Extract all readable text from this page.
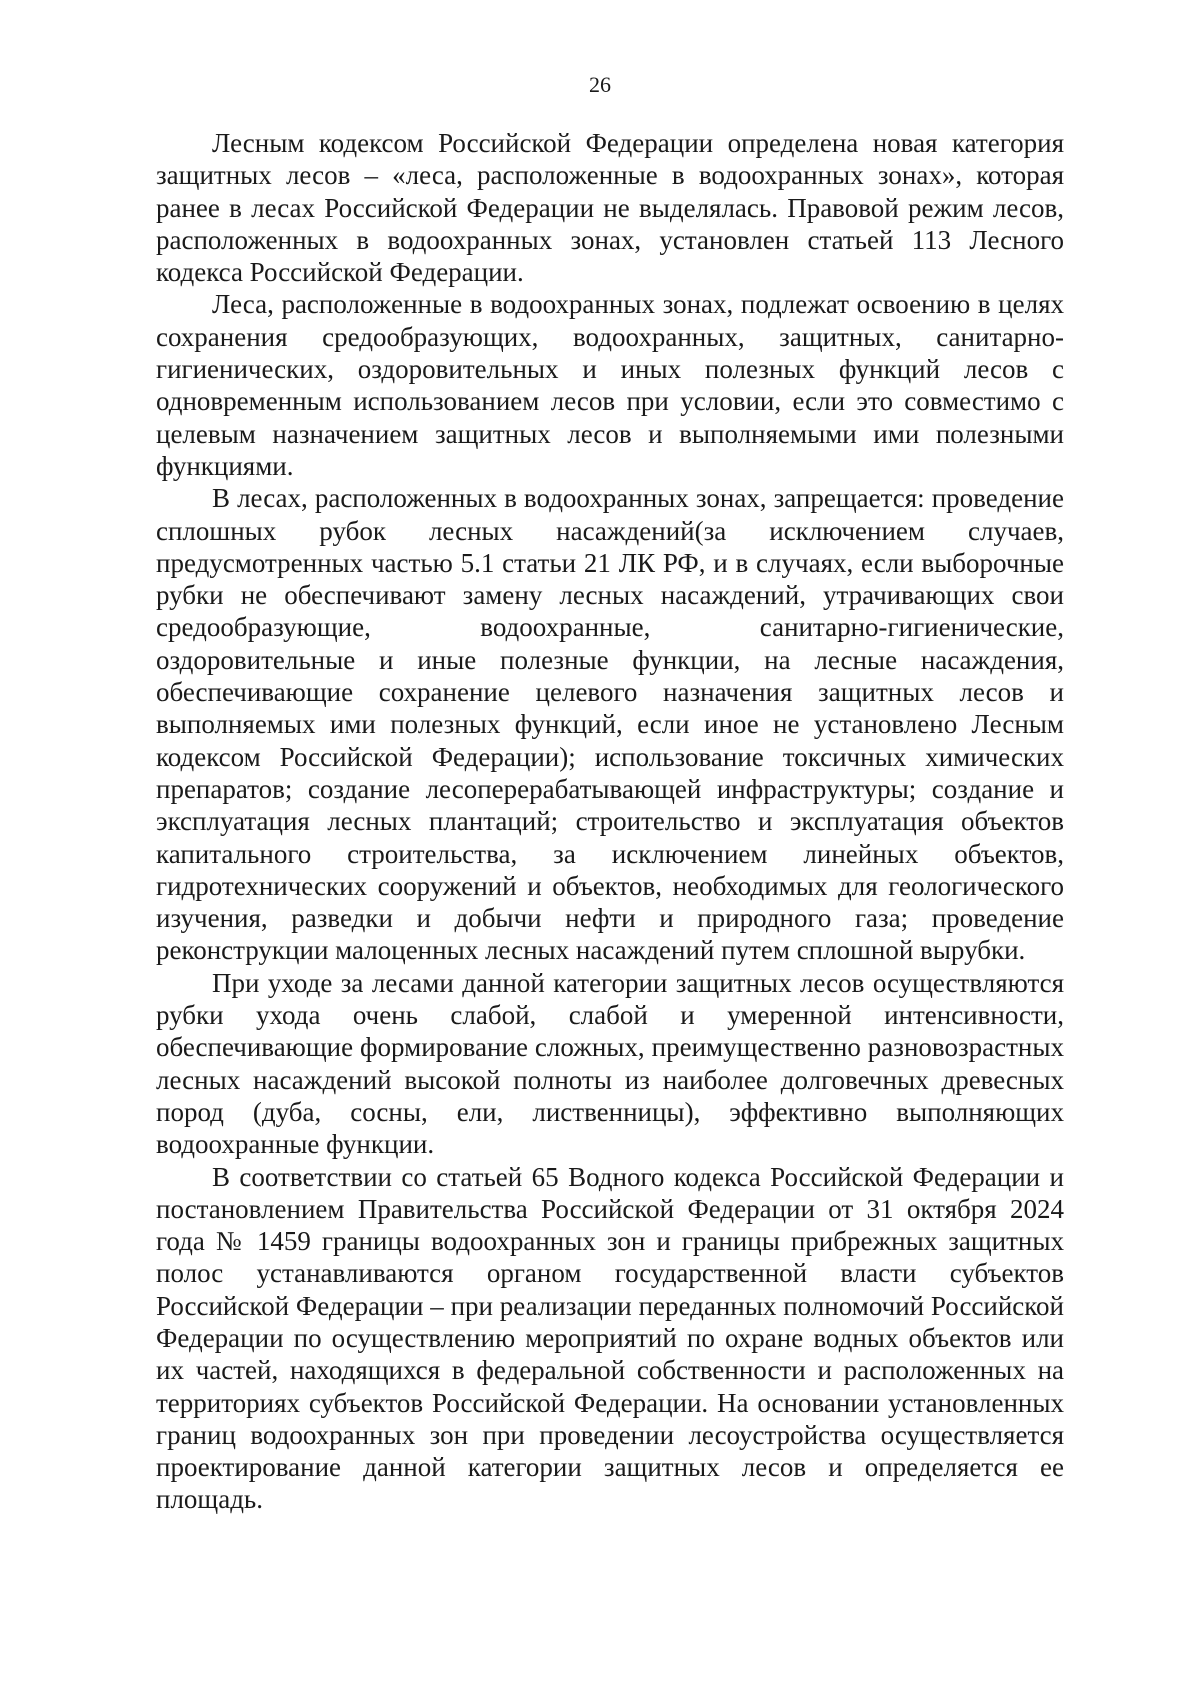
26

Лесным кодексом Российской Федерации определена новая категория защитных лесов – «леса, расположенные в водоохранных зонах», которая ранее в лесах Российской Федерации не выделялась. Правовой режим лесов, расположенных в водоохранных зонах, установлен статьей 113 Лесного кодекса Российской Федерации.

Леса, расположенные в водоохранных зонах, подлежат освоению в целях сохранения средообразующих, водоохранных, защитных, санитарно-гигиенических, оздоровительных и иных полезных функций лесов с одновременным использованием лесов при условии, если это совместимо с целевым назначением защитных лесов и выполняемыми ими полезными функциями.

В лесах, расположенных в водоохранных зонах, запрещается: проведение сплошных рубок лесных насаждений(за исключением случаев, предусмотренных частью 5.1 статьи 21 ЛК РФ, и в случаях, если выборочные рубки не обеспечивают замену лесных насаждений, утрачивающих свои средообразующие, водоохранные, санитарно-гигиенические, оздоровительные и иные полезные функции, на лесные насаждения, обеспечивающие сохранение целевого назначения защитных лесов и выполняемых ими полезных функций, если иное не установлено Лесным кодексом Российской Федерации); использование токсичных химических препаратов; создание лесоперерабатывающей инфраструктуры; создание и эксплуатация лесных плантаций; строительство и эксплуатация объектов капитального строительства, за исключением линейных объектов, гидротехнических сооружений и объектов, необходимых для геологического изучения, разведки и добычи нефти и природного газа; проведение реконструкции малоценных лесных насаждений путем сплошной вырубки.

При уходе за лесами данной категории защитных лесов осуществляются рубки ухода очень слабой, слабой и умеренной интенсивности, обеспечивающие формирование сложных, преимущественно разновозрастных лесных насаждений высокой полноты из наиболее долговечных древесных пород (дуба, сосны, ели, лиственницы), эффективно выполняющих водоохранные функции.

В соответствии со статьей 65 Водного кодекса Российской Федерации и постановлением Правительства Российской Федерации от 31 октября 2024 года № 1459 границы водоохранных зон и границы прибрежных защитных полос устанавливаются органом государственной власти субъектов Российской Федерации – при реализации переданных полномочий Российской Федерации по осуществлению мероприятий по охране водных объектов или их частей, находящихся в федеральной собственности и расположенных на территориях субъектов Российской Федерации. На основании установленных границ водоохранных зон при проведении лесоустройства осуществляется проектирование данной категории защитных лесов и определяется ее площадь.
